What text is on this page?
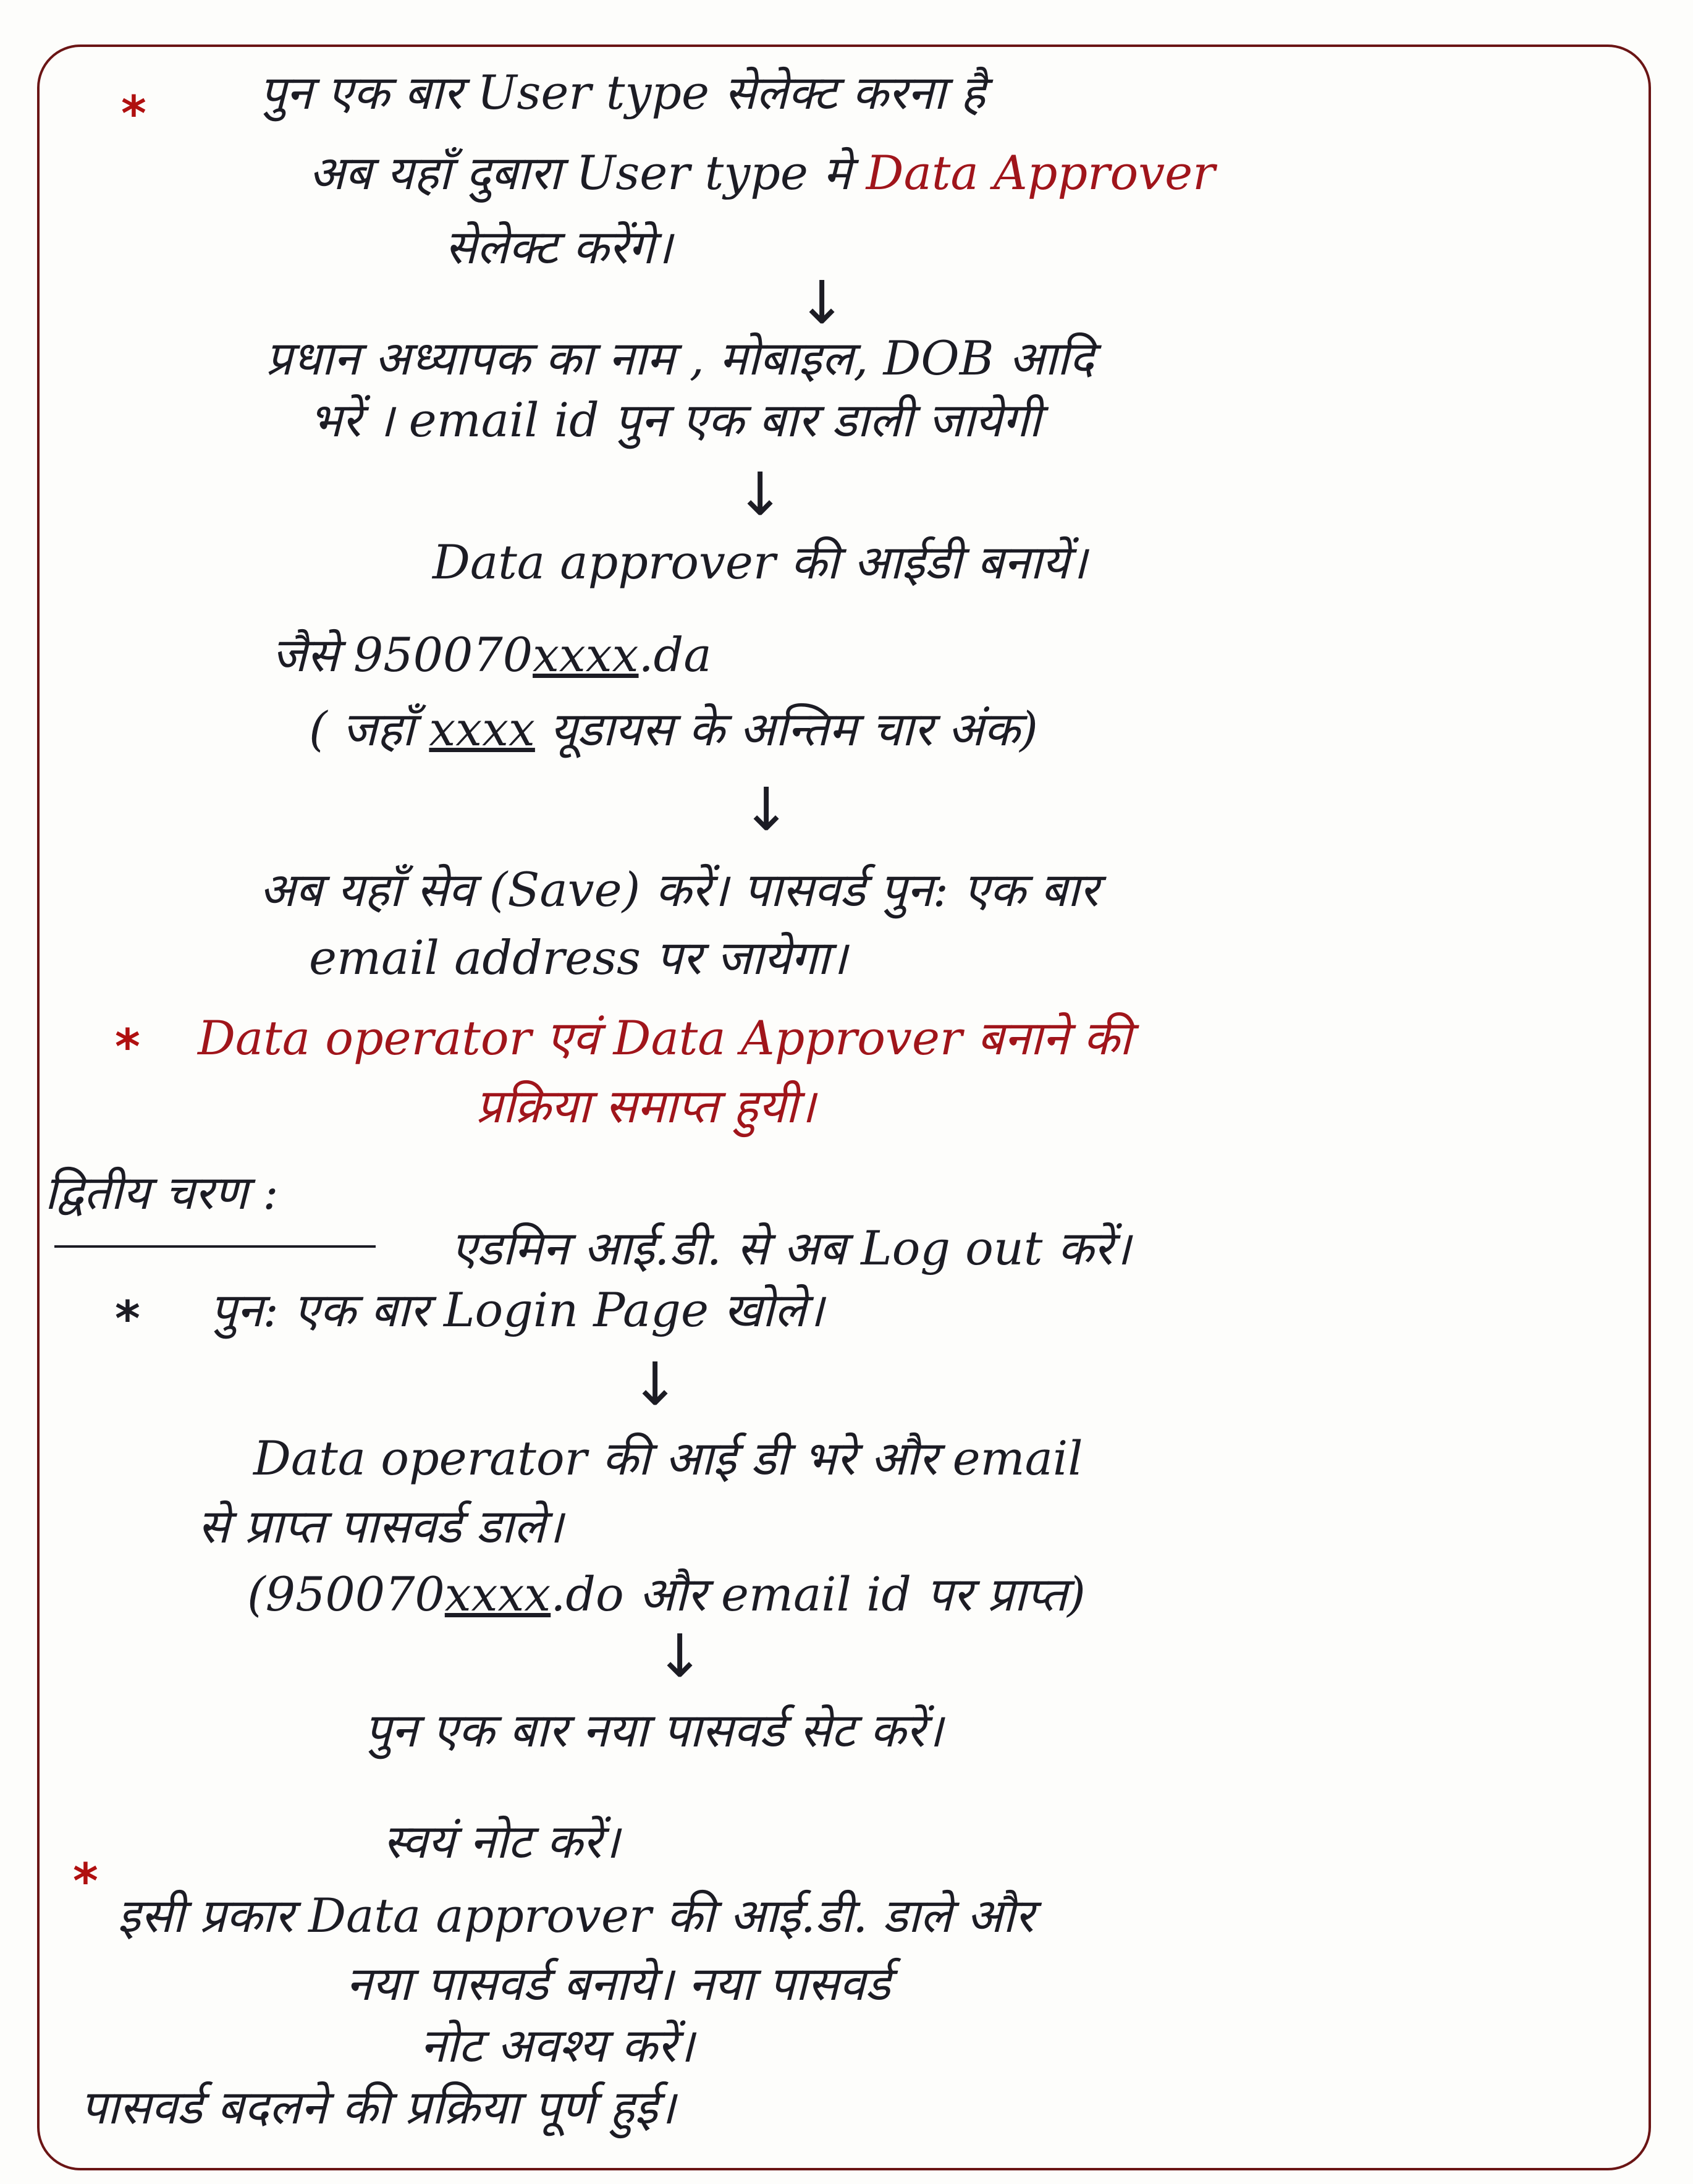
* पुन एक बार User type सेलेक्ट करना है
अब यहाँ दुबारा User type मे Data Approver
सेलेक्ट करेंगे।
↓
प्रधान अध्यापक का नाम , मोबाइल, DOB आदि
भरें । email id पुन एक बार डाली जायेगी
↓
Data approver की आईडी बनायें।
जैसे 950070xxxx.da
( जहाँ xxxx यूडायस के अन्तिम चार अंक)
↓
अब यहाँ सेव (Save) करें। पासवर्ड पुन: एक बार
email address पर जायेगा।
* Data operator एवं Data Approver बनाने की
प्रक्रिया समाप्त हुयी।
द्वितीय चरण :
एडमिन आई.डी. से अब Log out करें।
* पुन: एक बार Login Page खोले।
↓
Data operator की आई डी भरे और email
से प्राप्त पासवर्ड डाले।
(950070xxxx.do और email id पर प्राप्त)
↓
पुन एक बार नया पासवर्ड सेट करें।
स्वयं नोट करें।
*
इसी प्रकार Data approver की आई.डी. डाले और
नया पासवर्ड बनाये। नया पासवर्ड
नोट अवश्य करें।
पासवर्ड बदलने की प्रक्रिया पूर्ण हुई।
